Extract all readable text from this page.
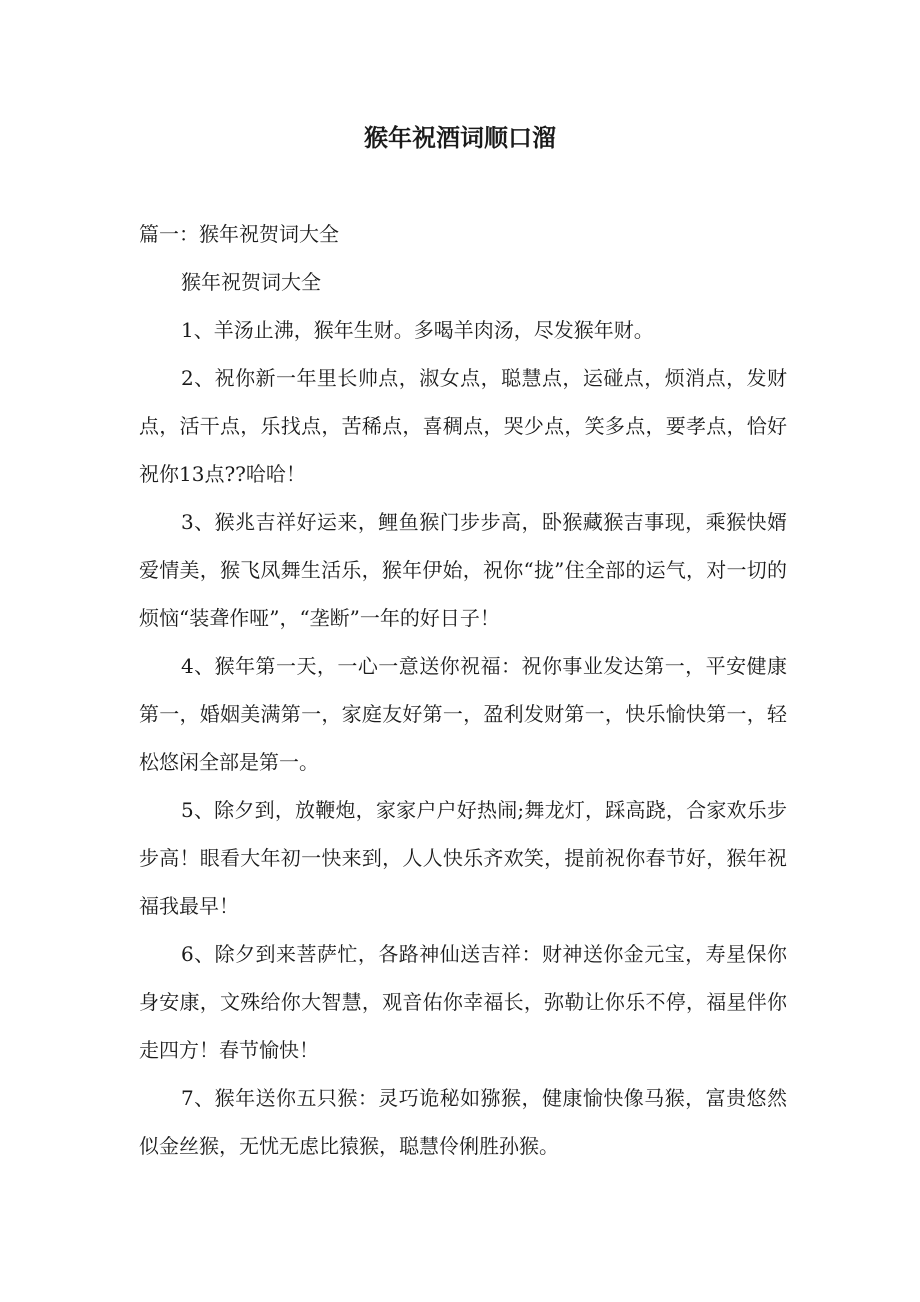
猴年祝酒词顺口溜

篇一：猴年祝贺词大全

猴年祝贺词大全

1、羊汤止沸，猴年生财。多喝羊肉汤，尽发猴年财。

2、祝你新一年里长帅点，淑女点，聪慧点，运碰点，烦消点，发财点，活干点，乐找点，苦稀点，喜稠点，哭少点，笑多点，要孝点，恰好祝你13点??哈哈！

3、猴兆吉祥好运来，鲤鱼猴门步步高，卧猴藏猴吉事现，乘猴快婿爱情美，猴飞凤舞生活乐，猴年伊始，祝你“拢”住全部的运气，对一切的烦恼“装聋作哑”，“垄断”一年的好日子！

4、猴年第一天，一心一意送你祝福：祝你事业发达第一，平安健康第一，婚姻美满第一，家庭友好第一，盈利发财第一，快乐愉快第一，轻松悠闲全部是第一。

5、除夕到，放鞭炮，家家户户好热闹;舞龙灯，踩高跷，合家欢乐步步高！眼看大年初一快来到，人人快乐齐欢笑，提前祝你春节好，猴年祝福我最早！

6、除夕到来菩萨忙，各路神仙送吉祥：财神送你金元宝，寿星保你身安康，文殊给你大智慧，观音佑你幸福长，弥勒让你乐不停，福星伴你走四方！春节愉快！

7、猴年送你五只猴：灵巧诡秘如猕猴，健康愉快像马猴，富贵悠然似金丝猴，无忧无虑比猿猴，聪慧伶俐胜孙猴。
